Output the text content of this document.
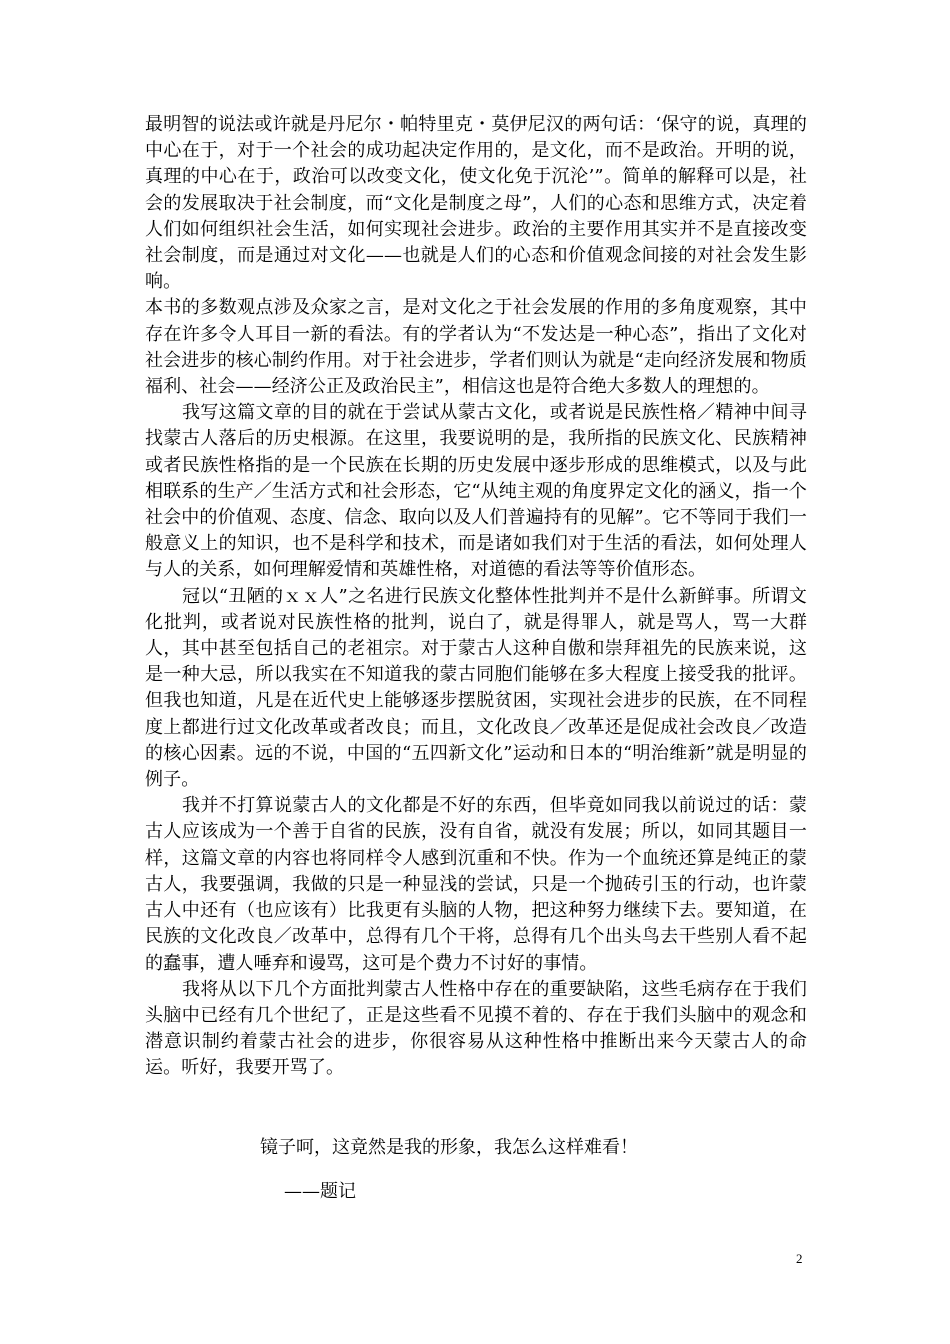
最明智的说法或许就是丹尼尔・帕特里克・莫伊尼汉的两句话：‘保守的说，真理的中心在于，对于一个社会的成功起决定作用的，是文化，而不是政治。开明的说，真理的中心在于，政治可以改变文化，使文化免于沉沦’”。简单的解释可以是，社会的发展取决于社会制度，而“文化是制度之母”，人们的心态和思维方式，决定着人们如何组织社会生活，如何实现社会进步。政治的主要作用其实并不是直接改变社会制度，而是通过对文化——也就是人们的心态和价值观念间接的对社会发生影响。

本书的多数观点涉及众家之言，是对文化之于社会发展的作用的多角度观察，其中存在许多令人耳目一新的看法。有的学者认为“不发达是一种心态”，指出了文化对社会进步的核心制约作用。对于社会进步，学者们则认为就是“走向经济发展和物质福利、社会——经济公正及政治民主”，相信这也是符合绝大多数人的理想的。

我写这篇文章的目的就在于尝试从蒙古文化，或者说是民族性格／精神中间寻找蒙古人落后的历史根源。在这里，我要说明的是，我所指的民族文化、民族精神或者民族性格指的是一个民族在长期的历史发展中逐步形成的思维模式，以及与此相联系的生产／生活方式和社会形态，它“从纯主观的角度界定文化的涵义，指一个社会中的价值观、态度、信念、取向以及人们普遍持有的见解”。它不等同于我们一般意义上的知识，也不是科学和技术，而是诸如我们对于生活的看法，如何处理人与人的关系，如何理解爱情和英雄性格，对道德的看法等等价值形态。

冠以“丑陋的ｘｘ人”之名进行民族文化整体性批判并不是什么新鲜事。所谓文化批判，或者说对民族性格的批判，说白了，就是得罪人，就是骂人，骂一大群人，其中甚至包括自己的老祖宗。对于蒙古人这种自傲和崇拜祖先的民族来说，这是一种大忌，所以我实在不知道我的蒙古同胞们能够在多大程度上接受我的批评。但我也知道，凡是在近代史上能够逐步摆脱贫困，实现社会进步的民族，在不同程度上都进行过文化改革或者改良；而且，文化改良／改革还是促成社会改良／改造的核心因素。远的不说，中国的“五四新文化”运动和日本的“明治维新”就是明显的例子。

我并不打算说蒙古人的文化都是不好的东西，但毕竟如同我以前说过的话：蒙古人应该成为一个善于自省的民族，没有自省，就没有发展；所以，如同其题目一样，这篇文章的内容也将同样令人感到沉重和不快。作为一个血统还算是纯正的蒙古人，我要强调，我做的只是一种显浅的尝试，只是一个抛砖引玉的行动，也许蒙古人中还有（也应该有）比我更有头脑的人物，把这种努力继续下去。要知道，在民族的文化改良／改革中，总得有几个干将，总得有几个出头鸟去干些别人看不起的蠢事，遭人唾弃和谩骂，这可是个费力不讨好的事情。

我将从以下几个方面批判蒙古人性格中存在的重要缺陷，这些毛病存在于我们头脑中已经有几个世纪了，正是这些看不见摸不着的、存在于我们头脑中的观念和潜意识制约着蒙古社会的进步，你很容易从这种性格中推断出来今天蒙古人的命运。听好，我要开骂了。

镜子呵，这竟然是我的形象，我怎么这样难看！
——题记
2
